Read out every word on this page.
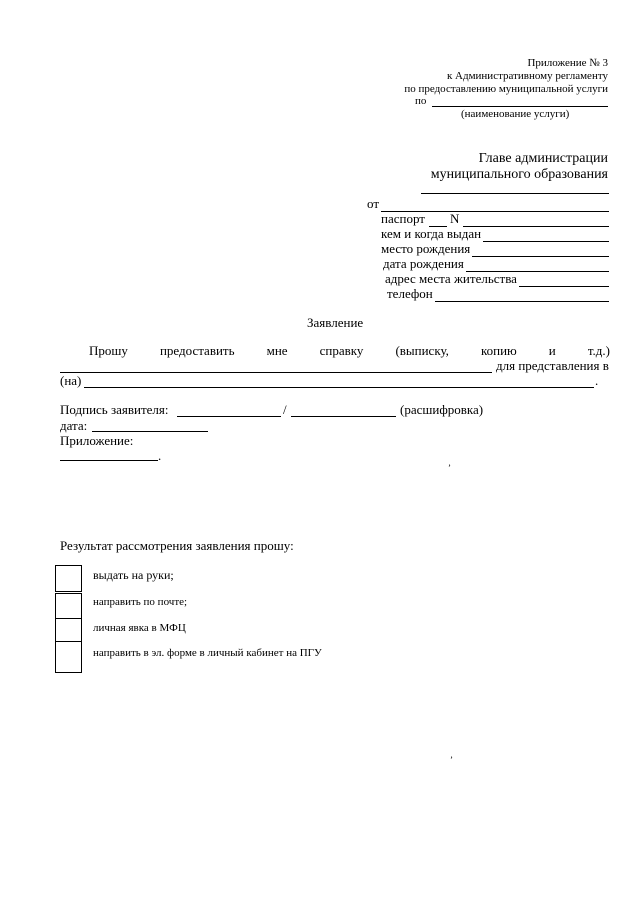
Приложение № 3
к Административному регламенту
по предоставлению муниципальной услуги
по
(наименование услуги)
Главе администрации
муниципального образования
от
паспорт N
кем и когда выдан
место рождения
дата рождения
адрес места жительства
телефон
Заявление
Прошу предоставить мне справку (выписку, копию и т.д.)
для представления в
(на)	.
Подпись заявителя:	/	(расшифровка)
дата:
Приложение:
.
’
’
Результат рассмотрения заявления прошу:
выдать на руки;
направить по почте;
личная явка в МФЦ
направить в эл. форме в личный кабинет на ПГУ
